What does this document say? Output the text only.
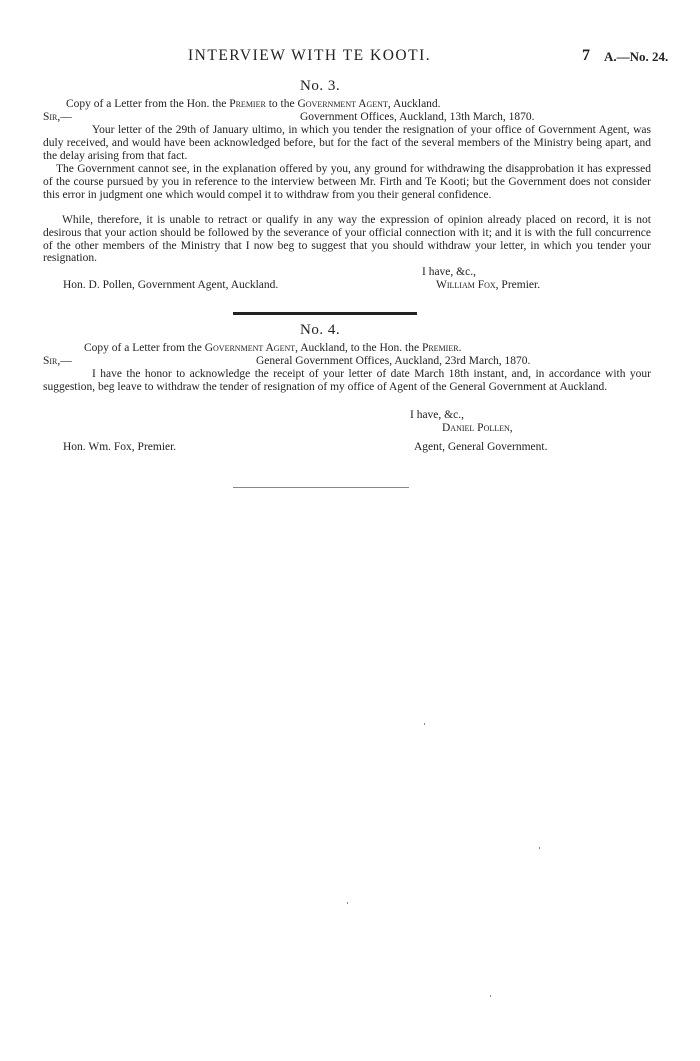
INTERVIEW WITH TE KOOTI.	7 A.—No. 24.
No. 3.
Copy of a Letter from the Hon. the Premier to the Government Agent, Auckland.
Sir,—	Government Offices, Auckland, 13th March, 1870.
Your letter of the 29th of January ultimo, in which you tender the resignation of your office of Government Agent, was duly received, and would have been acknowledged before, but for the fact of the several members of the Ministry being apart, and the delay arising from that fact.
The Government cannot see, in the explanation offered by you, any ground for withdrawing the disapprobation it has expressed of the course pursued by you in reference to the interview between Mr. Firth and Te Kooti; but the Government does not consider this error in judgment one which would compel it to withdraw from you their general confidence.
While, therefore, it is unable to retract or qualify in any way the expression of opinion already placed on record, it is not desirous that your action should be followed by the severance of your official connection with it; and it is with the full concurrence of the other members of the Ministry that I now beg to suggest that you should withdraw your letter, in which you tender your resignation.
I have, &c.,
Hon. D. Pollen, Government Agent, Auckland.	William Fox, Premier.
No. 4.
Copy of a Letter from the Government Agent, Auckland, to the Hon. the Premier.
Sir,—	General Government Offices, Auckland, 23rd March, 1870.
I have the honor to acknowledge the receipt of your letter of date March 18th instant, and, in accordance with your suggestion, beg leave to withdraw the tender of resignation of my office of Agent of the General Government at Auckland.
I have, &c.,
Daniel Pollen,
Hon. Wm. Fox, Premier.	Agent, General Government.
